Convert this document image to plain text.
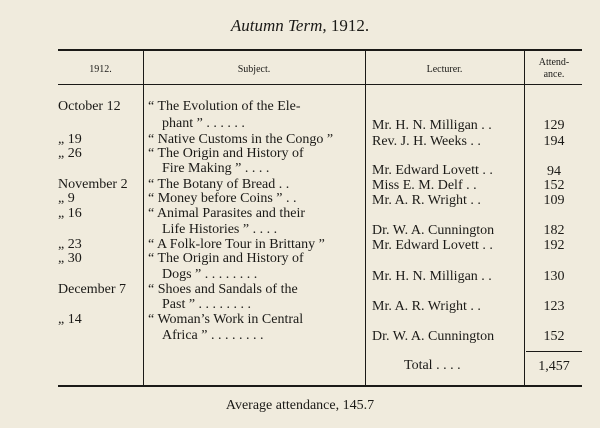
Autumn Term, 1912.
1912.	Subject.	Lecturer.
Attend-
ance.
October 12	“ The Evolution of the Ele-
phant ” . . . . . .	Mr. H. N. Milligan . .	129
„ 19	“ Native Customs in the Congo ”	Rev. J. H. Weeks . .	194
„ 26	“ The Origin and History of
Fire Making ” . . . .	Mr. Edward Lovett . .	94
November 2	“ The Botany of Bread . .	Miss E. M. Delf . .	152
„ 9	“ Money before Coins ” . .	Mr. A. R. Wright . .	109
„ 16	“ Animal Parasites and their
Life Histories ” . . . .	Dr. W. A. Cunnington	182
„ 23	“ A Folk-lore Tour in Brittany ”	Mr. Edward Lovett . .	192
„ 30	“ The Origin and History of
Dogs ” . . . . . . . .	Mr. H. N. Milligan . .	130
December 7	“ Shoes and Sandals of the
Past ” . . . . . . . .	Mr. A. R. Wright . .	123
„ 14	“ Woman’s Work in Central
Africa ” . . . . . . . .	Dr. W. A. Cunnington	152
Total . . . .	1,457
Average attendance, 145.7
